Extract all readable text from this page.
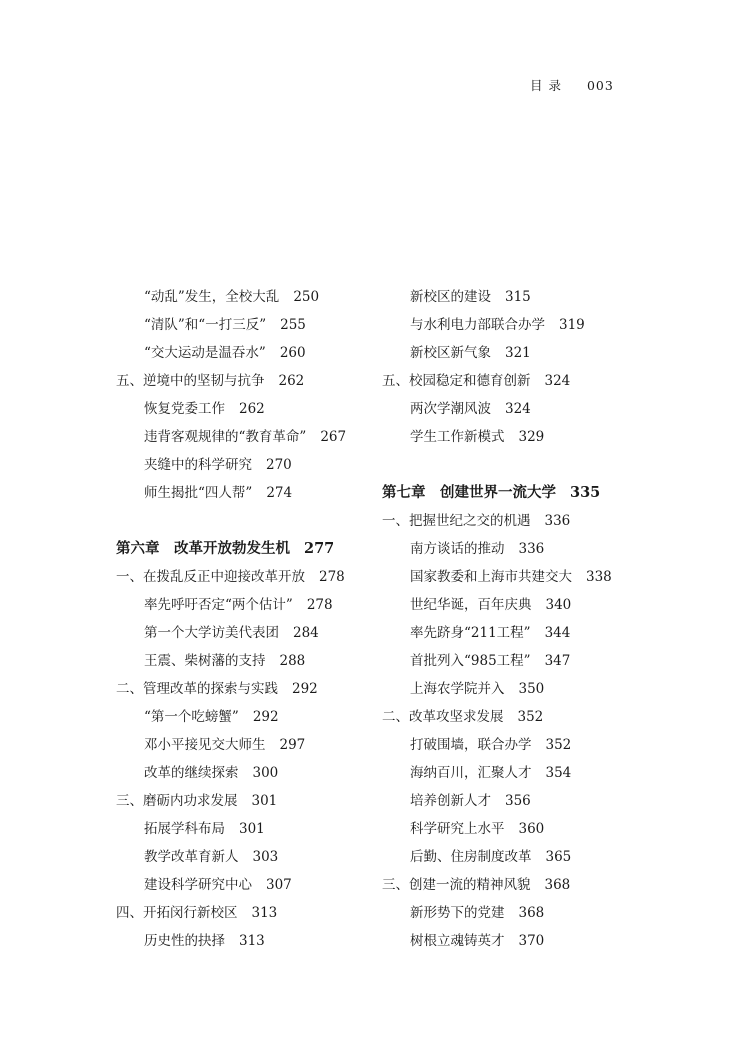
目 录 003
“动乱”发生，全校大乱 250
“清队”和“一打三反” 255
“交大运动是温吞水” 260
五、逆境中的坚韧与抗争 262
恢复党委工作 262
违背客观规律的“教育革命” 267
夹缝中的科学研究 270
师生揭批“四人帮” 274
第六章　改革开放勃发生机 277
一、在拨乱反正中迎接改革开放 278
率先呼吁否定“两个估计” 278
第一个大学访美代表团 284
王震、柴树藩的支持 288
二、管理改革的探索与实践 292
“第一个吃螃蟹” 292
邓小平接见交大师生 297
改革的继续探索 300
三、磨砺内功求发展 301
拓展学科布局 301
教学改革育新人 303
建设科学研究中心 307
四、开拓闵行新校区 313
历史性的抉择 313
新校区的建设 315
与水利电力部联合办学 319
新校区新气象 321
五、校园稳定和德育创新 324
两次学潮风波 324
学生工作新模式 329
第七章　创建世界一流大学 335
一、把握世纪之交的机遇 336
南方谈话的推动 336
国家教委和上海市共建交大 338
世纪华诞，百年庆典 340
率先跻身“211工程” 344
首批列入“985工程” 347
上海农学院并入 350
二、改革攻坚求发展 352
打破围墙，联合办学 352
海纳百川，汇聚人才 354
培养创新人才 356
科学研究上水平 360
后勤、住房制度改革 365
三、创建一流的精神风貌 368
新形势下的党建 368
树根立魂铸英才 370
